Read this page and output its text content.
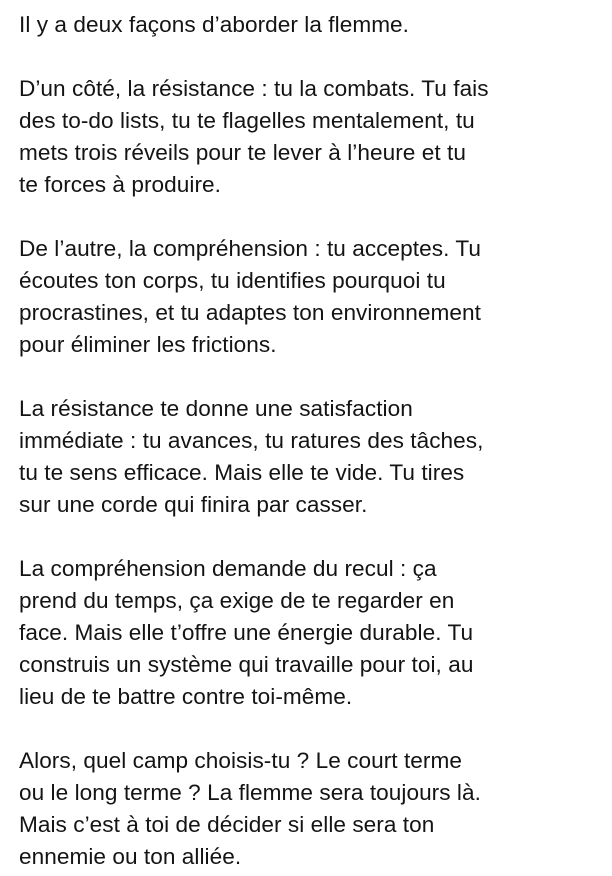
Il y a deux façons d’aborder la flemme.
D’un côté, la résistance : tu la combats. Tu fais
des to-do lists, tu te flagelles mentalement, tu
mets trois réveils pour te lever à l’heure et tu
te forces à produire.
De l’autre, la compréhension : tu acceptes. Tu
écoutes ton corps, tu identifies pourquoi tu
procrastines, et tu adaptes ton environnement
pour éliminer les frictions.
La résistance te donne une satisfaction
immédiate : tu avances, tu ratures des tâches,
tu te sens efficace. Mais elle te vide. Tu tires
sur une corde qui finira par casser.
La compréhension demande du recul : ça
prend du temps, ça exige de te regarder en
face. Mais elle t’offre une énergie durable. Tu
construis un système qui travaille pour toi, au
lieu de te battre contre toi-même.
Alors, quel camp choisis-tu ? Le court terme
ou le long terme ? La flemme sera toujours là.
Mais c’est à toi de décider si elle sera ton
ennemie ou ton alliée.
